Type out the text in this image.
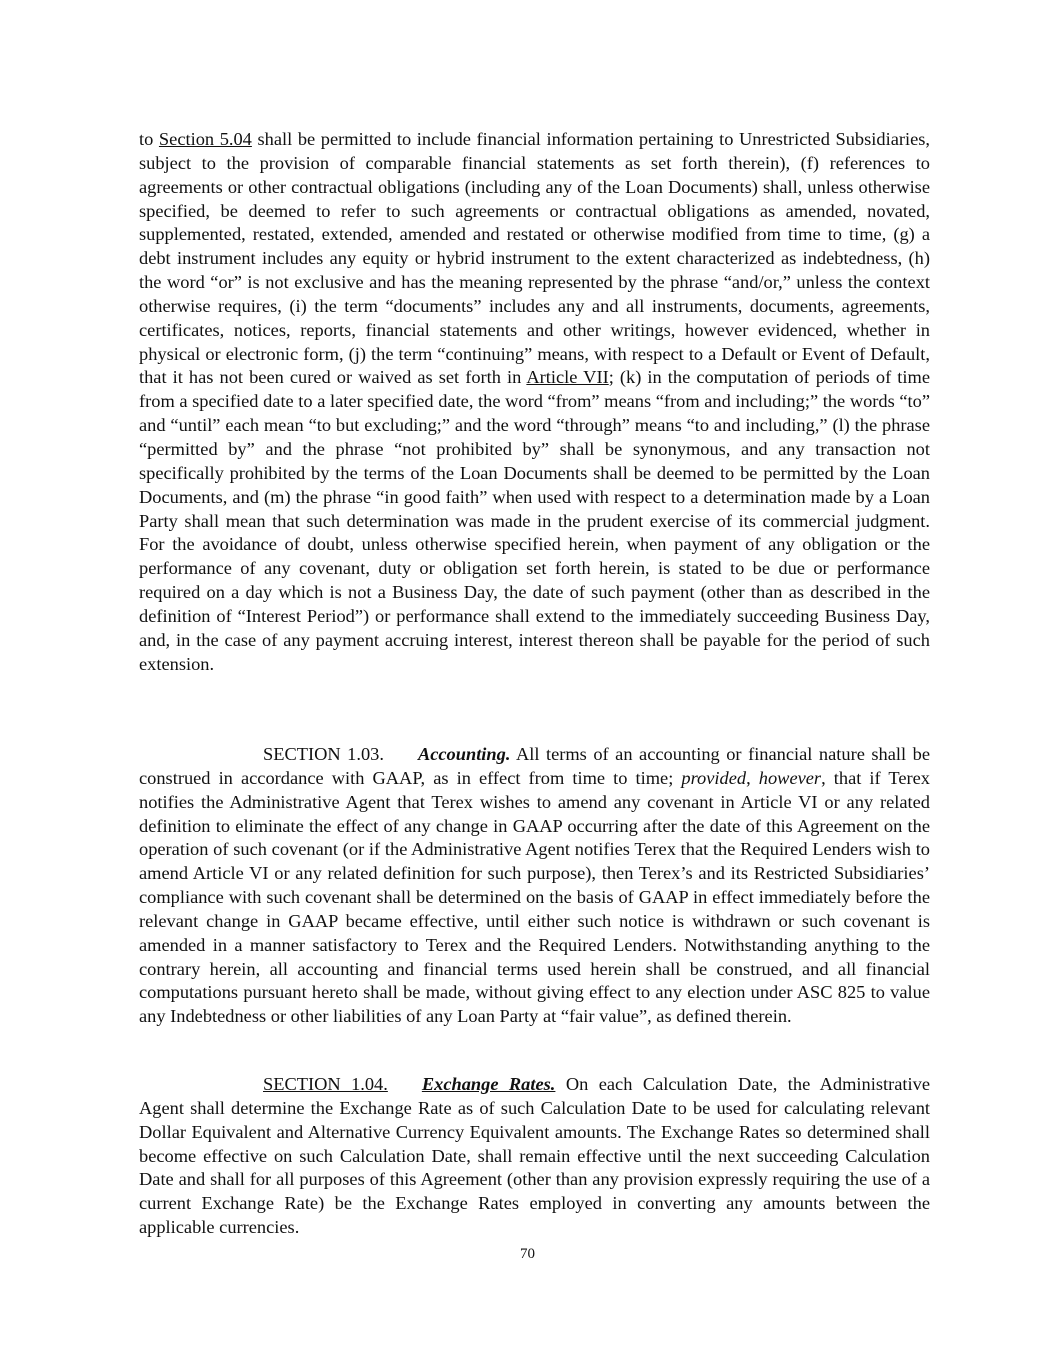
to Section 5.04 shall be permitted to include financial information pertaining to Unrestricted Subsidiaries, subject to the provision of comparable financial statements as set forth therein), (f) references to agreements or other contractual obligations (including any of the Loan Documents) shall, unless otherwise specified, be deemed to refer to such agreements or contractual obligations as amended, novated, supplemented, restated, extended, amended and restated or otherwise modified from time to time, (g) a debt instrument includes any equity or hybrid instrument to the extent characterized as indebtedness, (h) the word “or” is not exclusive and has the meaning represented by the phrase “and/or,” unless the context otherwise requires, (i) the term “documents” includes any and all instruments, documents, agreements, certificates, notices, reports, financial statements and other writings, however evidenced, whether in physical or electronic form, (j) the term “continuing” means, with respect to a Default or Event of Default, that it has not been cured or waived as set forth in Article VII; (k) in the computation of periods of time from a specified date to a later specified date, the word “from” means “from and including;” the words “to” and “until” each mean “to but excluding;” and the word “through” means “to and including,” (l) the phrase “permitted by” and the phrase “not prohibited by” shall be synonymous, and any transaction not specifically prohibited by the terms of the Loan Documents shall be deemed to be permitted by the Loan Documents, and (m) the phrase “in good faith” when used with respect to a determination made by a Loan Party shall mean that such determination was made in the prudent exercise of its commercial judgment. For the avoidance of doubt, unless otherwise specified herein, when payment of any obligation or the performance of any covenant, duty or obligation set forth herein, is stated to be due or performance required on a day which is not a Business Day, the date of such payment (other than as described in the definition of “Interest Period”) or performance shall extend to the immediately succeeding Business Day, and, in the case of any payment accruing interest, interest thereon shall be payable for the period of such extension.

SECTION 1.03. Accounting. All terms of an accounting or financial nature shall be construed in accordance with GAAP, as in effect from time to time; provided, however, that if Terex notifies the Administrative Agent that Terex wishes to amend any covenant in Article VI or any related definition to eliminate the effect of any change in GAAP occurring after the date of this Agreement on the operation of such covenant (or if the Administrative Agent notifies Terex that the Required Lenders wish to amend Article VI or any related definition for such purpose), then Terex’s and its Restricted Subsidiaries’ compliance with such covenant shall be determined on the basis of GAAP in effect immediately before the relevant change in GAAP became effective, until either such notice is withdrawn or such covenant is amended in a manner satisfactory to Terex and the Required Lenders. Notwithstanding anything to the contrary herein, all accounting and financial terms used herein shall be construed, and all financial computations pursuant hereto shall be made, without giving effect to any election under ASC 825 to value any Indebtedness or other liabilities of any Loan Party at “fair value”, as defined therein.

SECTION 1.04. Exchange Rates. On each Calculation Date, the Administrative Agent shall determine the Exchange Rate as of such Calculation Date to be used for calculating relevant Dollar Equivalent and Alternative Currency Equivalent amounts. The Exchange Rates so determined shall become effective on such Calculation Date, shall remain effective until the next succeeding Calculation Date and shall for all purposes of this Agreement (other than any provision expressly requiring the use of a current Exchange Rate) be the Exchange Rates employed in converting any amounts between the applicable currencies.

70
